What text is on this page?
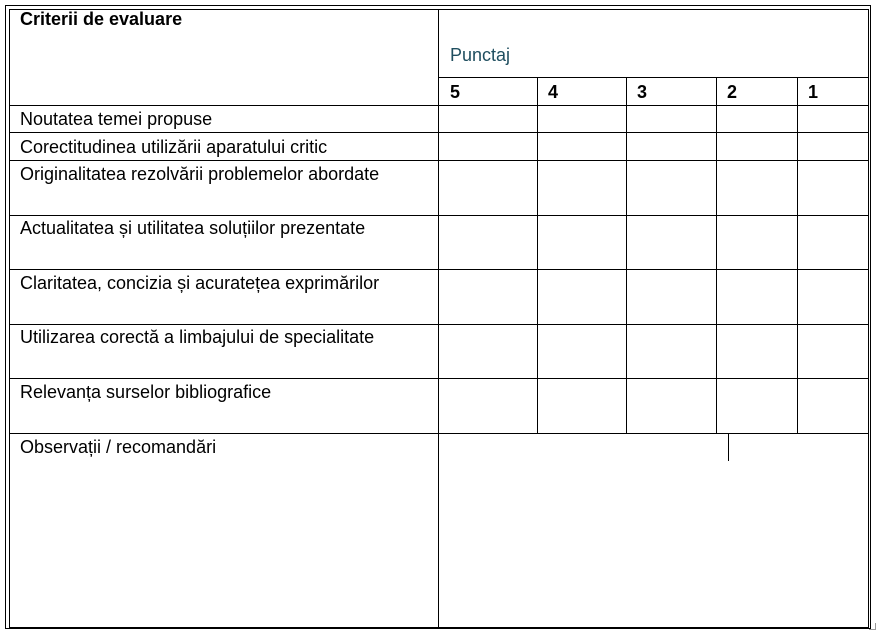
Criterii de evaluare
Punctaj
5	4	3	2	1
Noutatea temei propuse
Corectitudinea utilizării aparatului critic
Originalitatea rezolvării problemelor abordate
Actualitatea și utilitatea soluțiilor prezentate
Claritatea, concizia și acuratețea exprimărilor
Utilizarea corectă a limbajului de specialitate
Relevanța surselor bibliografice
Observații / recomandări
